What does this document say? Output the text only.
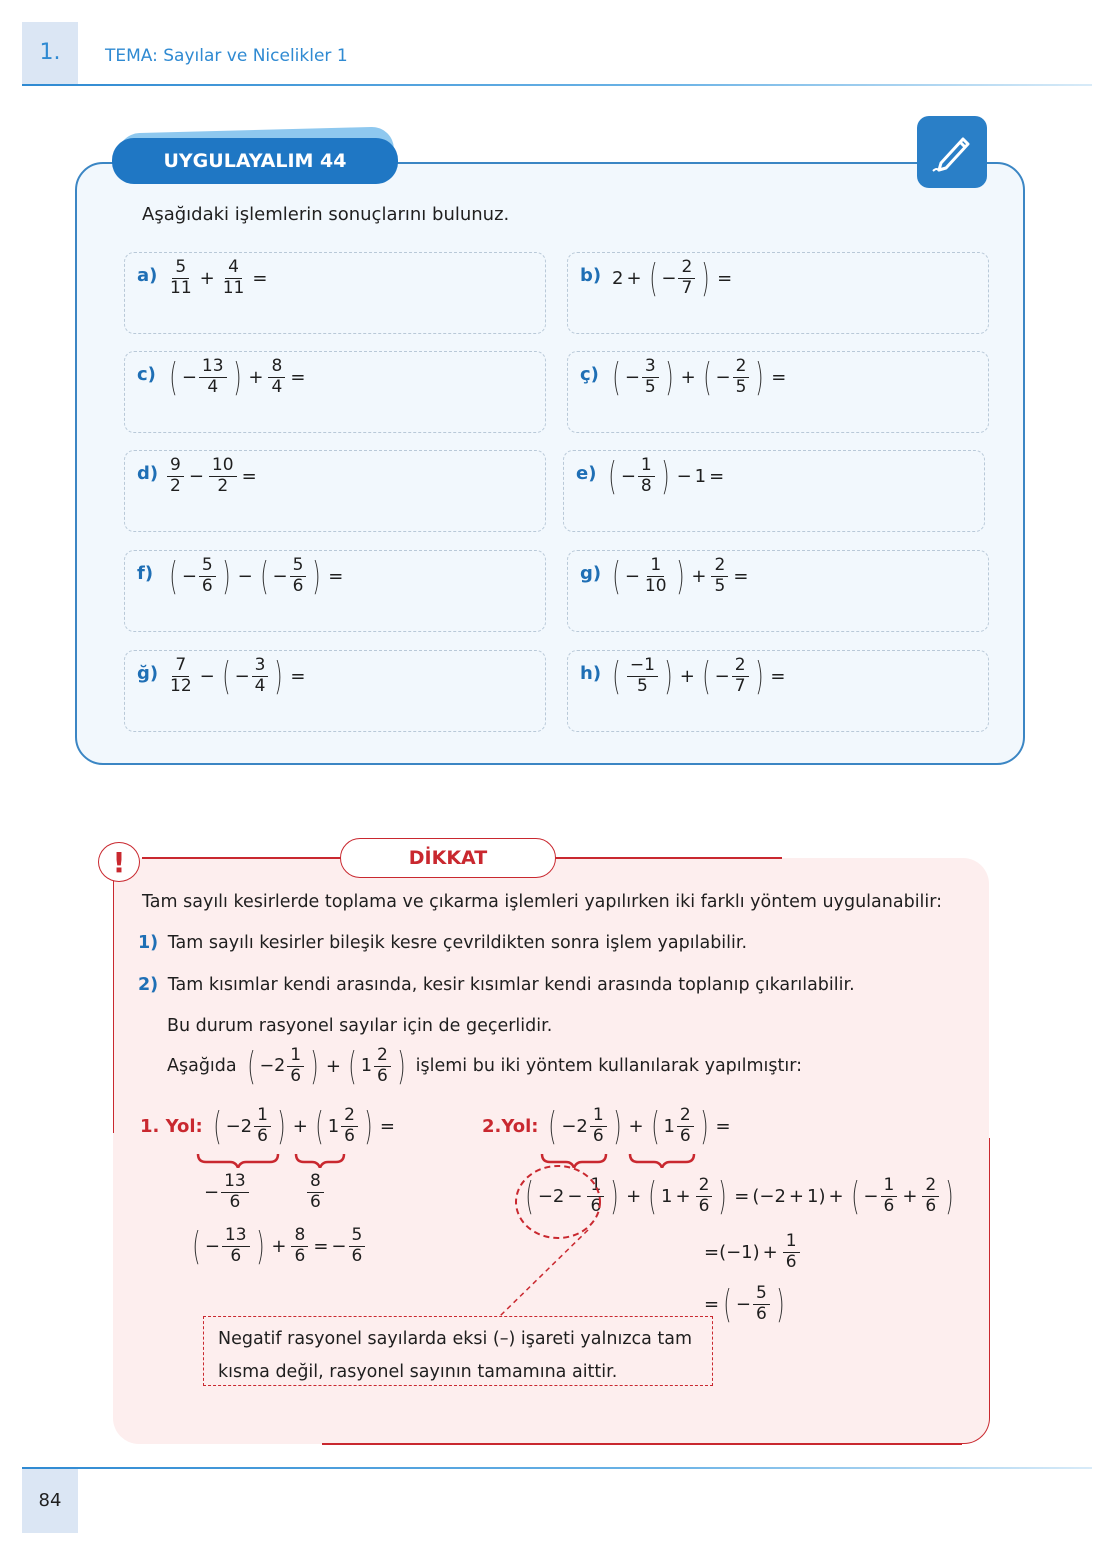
1.	TEMA: Sayılar ve Nicelikler 1
UYGULAYALIM 44
Aşağıdaki işlemlerin sonuçlarını bulunuz.
$a) \frac{5}{11} + \frac{4}{11}$ =	b) 2 + ( − $\frac{2}{7}$ ) =
c) ( − $\frac{13}{4}$ ) + $\frac{8}{4}$ =	ç) ( − $\frac{3}{5}$ ) + ( − $\frac{2}{5}$ ) =
$d) \frac{9}{2} - \frac{10}{2}$ =	e) ( − $\frac{1}{8}$ ) − 1 =
f) ( − $\frac{5}{6}$ ) − ( − $\frac{5}{6}$ ) =	g) ( − $\frac{1}{10}$ ) + $\frac{2}{5}$ =
ğ) $\frac{7}{12}$ − ( − $\frac{3}{4}$ ) =	h) ( $\frac{-1}{5}$ ) + ( − $\frac{2}{7}$ ) =
!	DİKKAT
Tam sayılı kesirlerde toplama ve çıkarma işlemleri yapılırken iki farklı yöntem uygulanabilir:
1) Tam sayılı kesirler bileşik kesre çevrildikten sonra işlem yapılabilir.
2) Tam kısımlar kendi arasında, kesir kısımlar kendi arasında toplanıp çıkarılabilir.
Bu durum rasyonel sayılar için de geçerlidir.
Aşağıda ( $-2 \frac{1}{6}$ ) + ( $1 \frac{2}{6}$ ) işlemi bu iki yöntem kullanılarak yapılmıştır:
1. Yol: ( $-2 \frac{1}{6}$ ) + ( $1 \frac{2}{6}$ ) =
− $\frac{13}{6}$	$\frac{8}{6}$
( − $\frac{13}{6}$ ) + $\frac{8}{6}$ = − $\frac{5}{6}$
2.Yol: ( $-2 \frac{1}{6}$ ) + ( $1 \frac{2}{6}$ ) =
( $-2 - \frac{1}{6}$ ) + ( $1 + \frac{2}{6}$ ) = (−2 + 1) + ( − $\frac{1}{6} + \frac{2}{6}$ )
$=(-1) + \frac{1}{6}$
= ( − $\frac{5}{6}$ )
Negatif rasyonel sayılarda eksi (–) işareti yalnızca tam
kısma değil, rasyonel sayının tamamına aittir.
84
